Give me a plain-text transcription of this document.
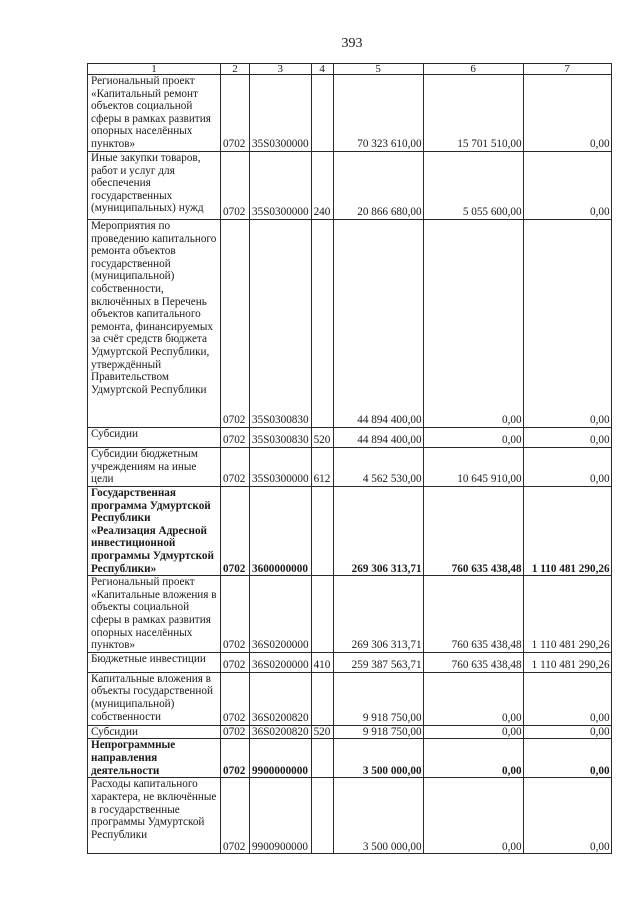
393
1	2	3	4	5	6	7
Региональный проект «Капитальный ремонт объектов социальной сферы в рамках развития опорных населённых пунктов»	0702	35S0300000		70 323 610,00	15 701 510,00	0,00
Иные закупки товаров, работ и услуг для обеспечения государственных (муниципальных) нужд	0702	35S0300000	240	20 866 680,00	5 055 600,00	0,00
Мероприятия по проведению капитального ремонта объектов государственной (муниципальной) собственности, включённых в Перечень объектов капитального ремонта, финансируемых за счёт средств бюджета Удмуртской Республики, утверждённый Правительством Удмуртской Республики	0702	35S0300830		44 894 400,00	0,00	0,00
Субсидии	0702	35S0300830	520	44 894 400,00	0,00	0,00
Субсидии бюджетным учреждениям на иные цели	0702	35S0300000	612	4 562 530,00	10 645 910,00	0,00
Государственная программа Удмуртской Республики «Реализация Адресной инвестиционной программы Удмуртской Республики»	0702	3600000000		269 306 313,71	760 635 438,48	1 110 481 290,26
Региональный проект «Капитальные вложения в объекты социальной сферы в рамках развития опорных населённых пунктов»	0702	36S0200000		269 306 313,71	760 635 438,48	1 110 481 290,26
Бюджетные инвестиции	0702	36S0200000	410	259 387 563,71	760 635 438,48	1 110 481 290,26
Капитальные вложения в объекты государственной (муниципальной) собственности	0702	36S0200820		9 918 750,00	0,00	0,00
Субсидии	0702	36S0200820	520	9 918 750,00	0,00	0,00
Непрограммные направления деятельности	0702	9900000000		3 500 000,00	0,00	0,00
Расходы капитального характера, не включённые в государственные программы Удмуртской Республики	0702	9900900000		3 500 000,00	0,00	0,00
